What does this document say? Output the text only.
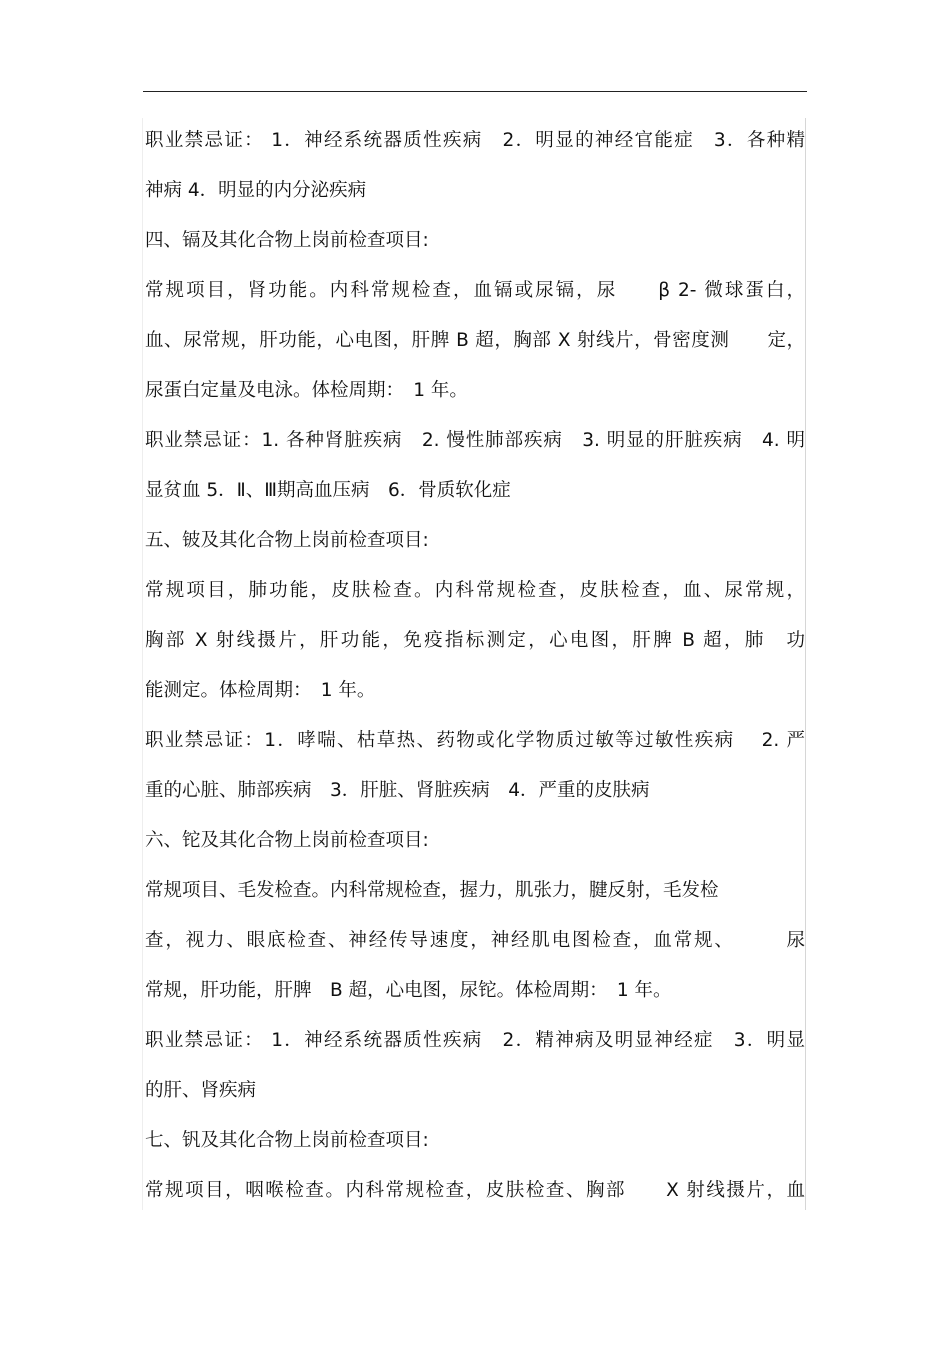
职业禁忌证： 1．神经系统器质性疾病　2．明显的神经官能症　3．各种精
神病 4．明显的内分泌疾病
四、镉及其化合物上岗前检查项目:
常规项目，肾功能。内科常规检查，血镉或尿镉，尿　　β 2- 微球蛋白，
血、尿常规，肝功能，心电图，肝脾 B 超，胸部 X 射线片，骨密度测　　定，
尿蛋白定量及电泳。体检周期：　1 年。
职业禁忌证：1. 各种肾脏疾病　2. 慢性肺部疾病　3. 明显的肝脏疾病　4. 明
显贫血 5．Ⅱ、Ⅲ期高血压病　6．骨质软化症
五、铍及其化合物上岗前检查项目:
常规项目，肺功能，皮肤检查。内科常规检查，皮肤检查，血、尿常规，
胸部 X 射线摄片，肝功能，免疫指标测定，心电图，肝脾 B 超，肺　功
能测定。体检周期：　1 年。
职业禁忌证：1．哮喘、枯草热、药物或化学物质过敏等过敏性疾病　 2. 严
重的心脏、肺部疾病　3．肝脏、肾脏疾病　4．严重的皮肤病
六、铊及其化合物上岗前检查项目:
常规项目、毛发检查。内科常规检查，握力，肌张力，腱反射，毛发检
查，视力、眼底检查、神经传导速度，神经肌电图检查，血常规、　　　尿
常规，肝功能，肝脾　B 超，心电图，尿铊。体检周期：　1 年。
职业禁忌证： 1．神经系统器质性疾病　2．精神病及明显神经症　3．明显
的肝、肾疾病
七、钒及其化合物上岗前检查项目:
常规项目，咽喉检查。内科常规检查，皮肤检查、胸部　　X 射线摄片，血
